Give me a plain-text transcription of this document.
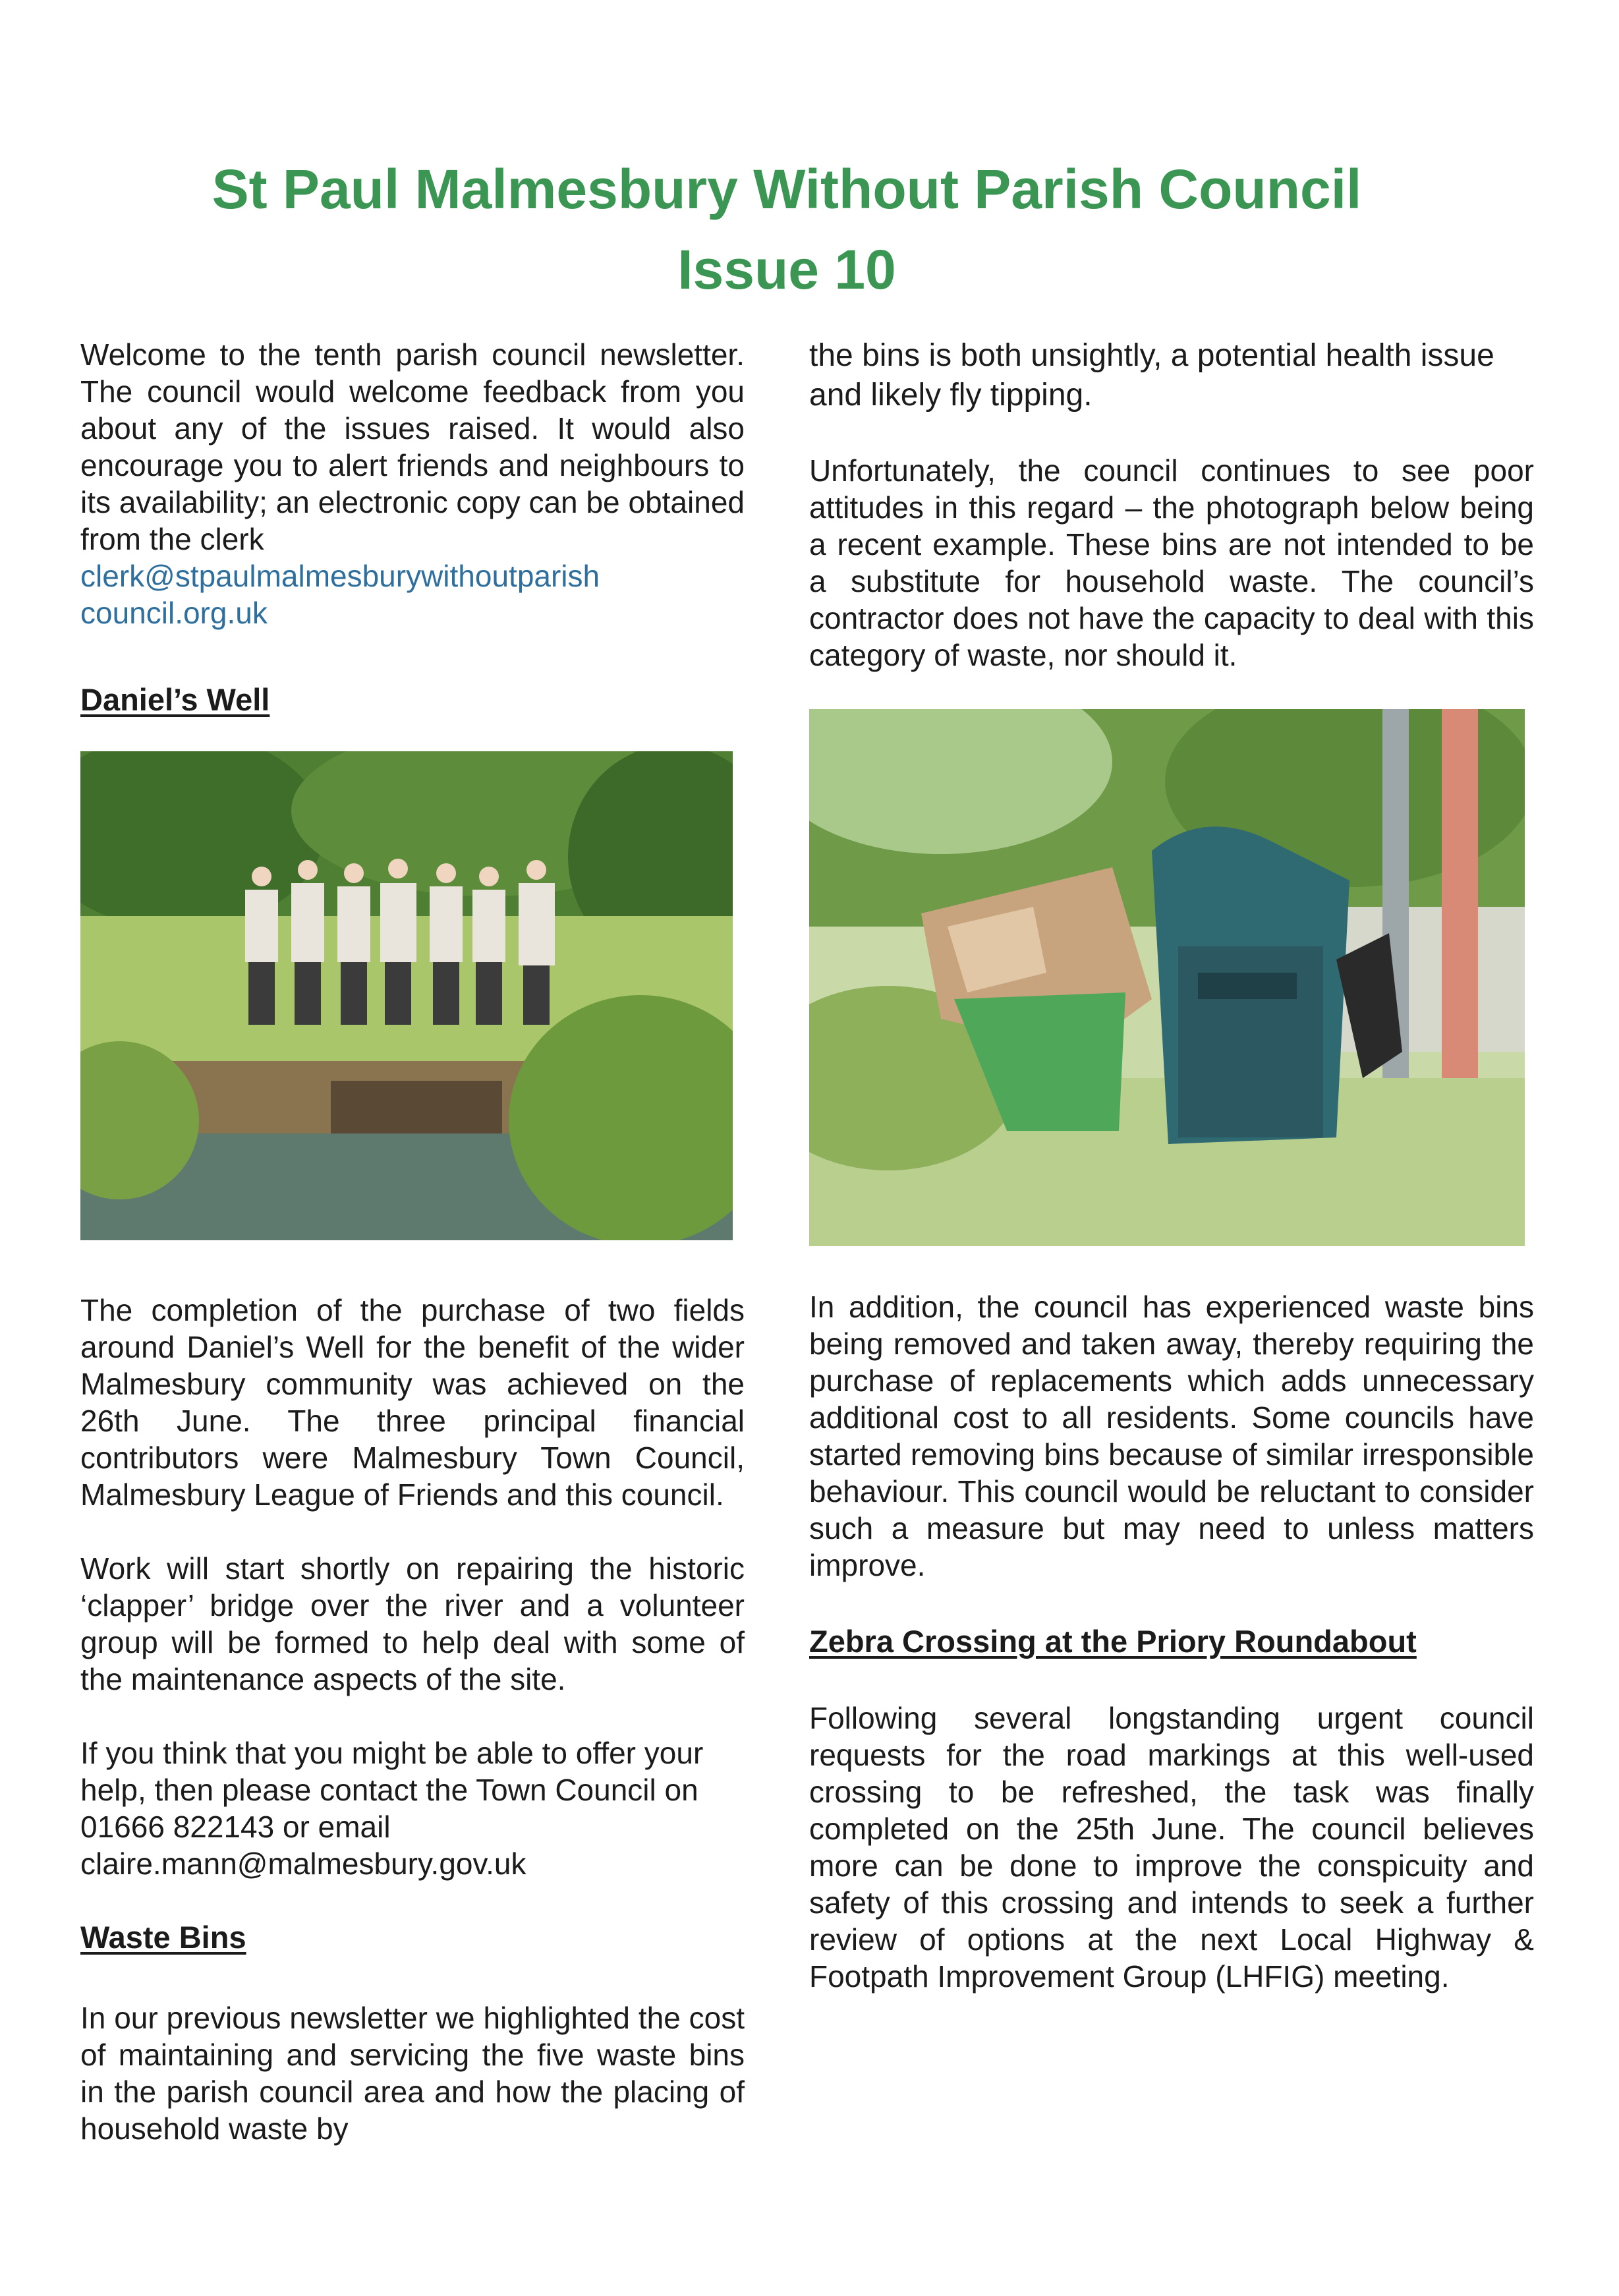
St Paul Malmesbury Without Parish Council
Issue 10

Welcome to the tenth parish council newsletter. The council would welcome feedback from you about any of the issues raised. It would also encourage you to alert friends and neighbours to its availability; an electronic copy can be obtained from the clerk

clerk@stpaulmalmesburywithoutparish
council.org.uk
Daniel’s Well

The completion of the purchase of two fields around Daniel’s Well for the benefit of the wider Malmesbury community was achieved on the 26th June. The three principal financial contributors were Malmesbury Town Council, Malmesbury League of Friends and this council.

Work will start shortly on repairing the historic ‘clapper’ bridge over the river and a volunteer group will be formed to help deal with some of the maintenance aspects of the site.

If you think that you might be able to offer your help, then please contact the Town Council on 01666 822143 or email claire.mann@malmesbury.gov.uk

Waste Bins

In our previous newsletter we highlighted the cost of maintaining and servicing the five waste bins in the parish council area and how the placing of household waste by

the bins is both unsightly, a potential health issue and likely fly tipping.

Unfortunately, the council continues to see poor attitudes in this regard – the photograph below being a recent example. These bins are not intended to be a substitute for household waste. The council’s contractor does not have the capacity to deal with this category of waste, nor should it.

In addition, the council has experienced waste bins being removed and taken away, thereby requiring the purchase of replacements which adds unnecessary additional cost to all residents. Some councils have started removing bins because of similar irresponsible behaviour. This council would be reluctant to consider such a measure but may need to unless matters improve.

Zebra Crossing at the Priory Roundabout

Following several longstanding urgent council requests for the road markings at this well-used crossing to be refreshed, the task was finally completed on the 25th June. The council believes more can be done to improve the conspicuity and safety of this crossing and intends to seek a further review of options at the next Local Highway & Footpath Improvement Group (LHFIG) meeting.
